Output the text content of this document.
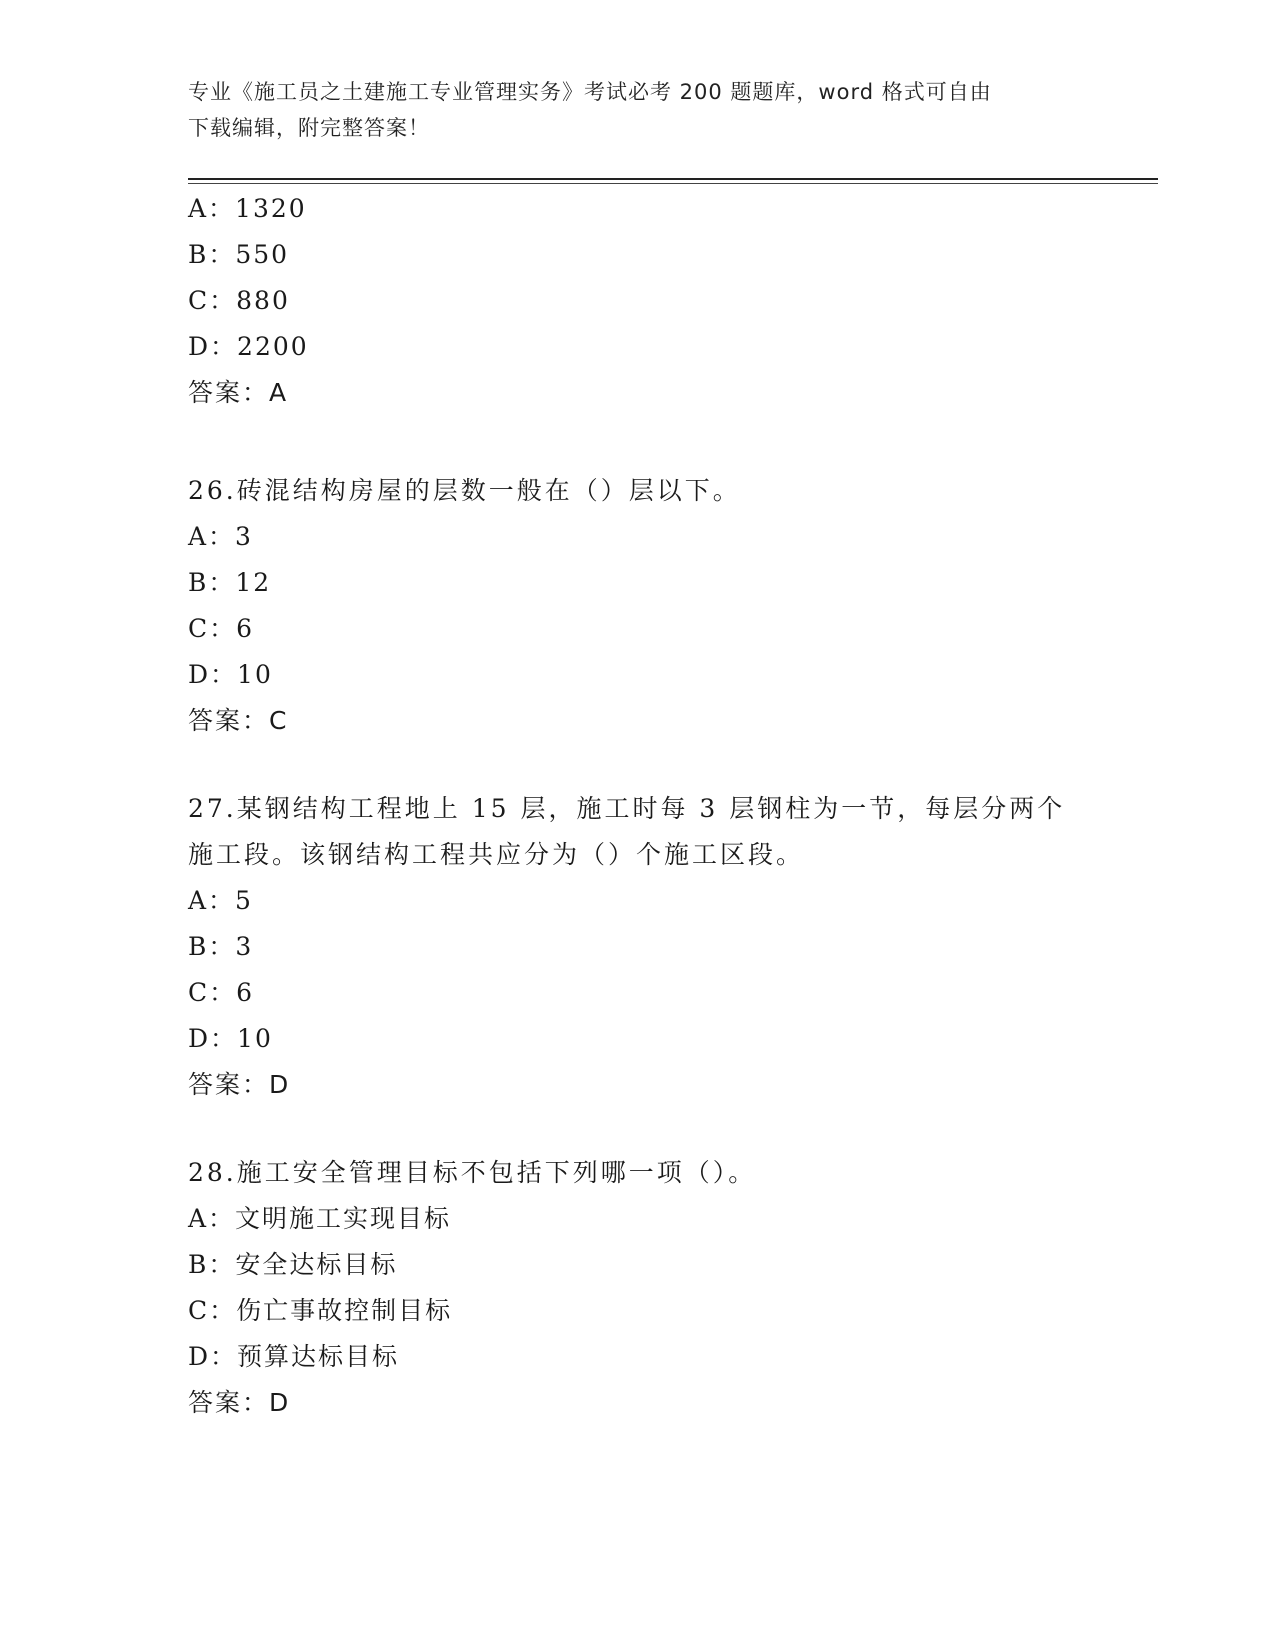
专业《施工员之土建施工专业管理实务》考试必考 200 题题库，word 格式可自由
下载编辑，附完整答案！
A：1320
B：550
C：880
D：2200
答案：A
26.砖混结构房屋的层数一般在（）层以下。
A：3
B：12
C：6
D：10
答案：C
27.某钢结构工程地上 15 层，施工时每 3 层钢柱为一节，每层分两个
施工段。该钢结构工程共应分为（）个施工区段。
A：5
B：3
C：6
D：10
答案：D
28.施工安全管理目标不包括下列哪一项（）。
A：文明施工实现目标
B：安全达标目标
C：伤亡事故控制目标
D：预算达标目标
答案：D
